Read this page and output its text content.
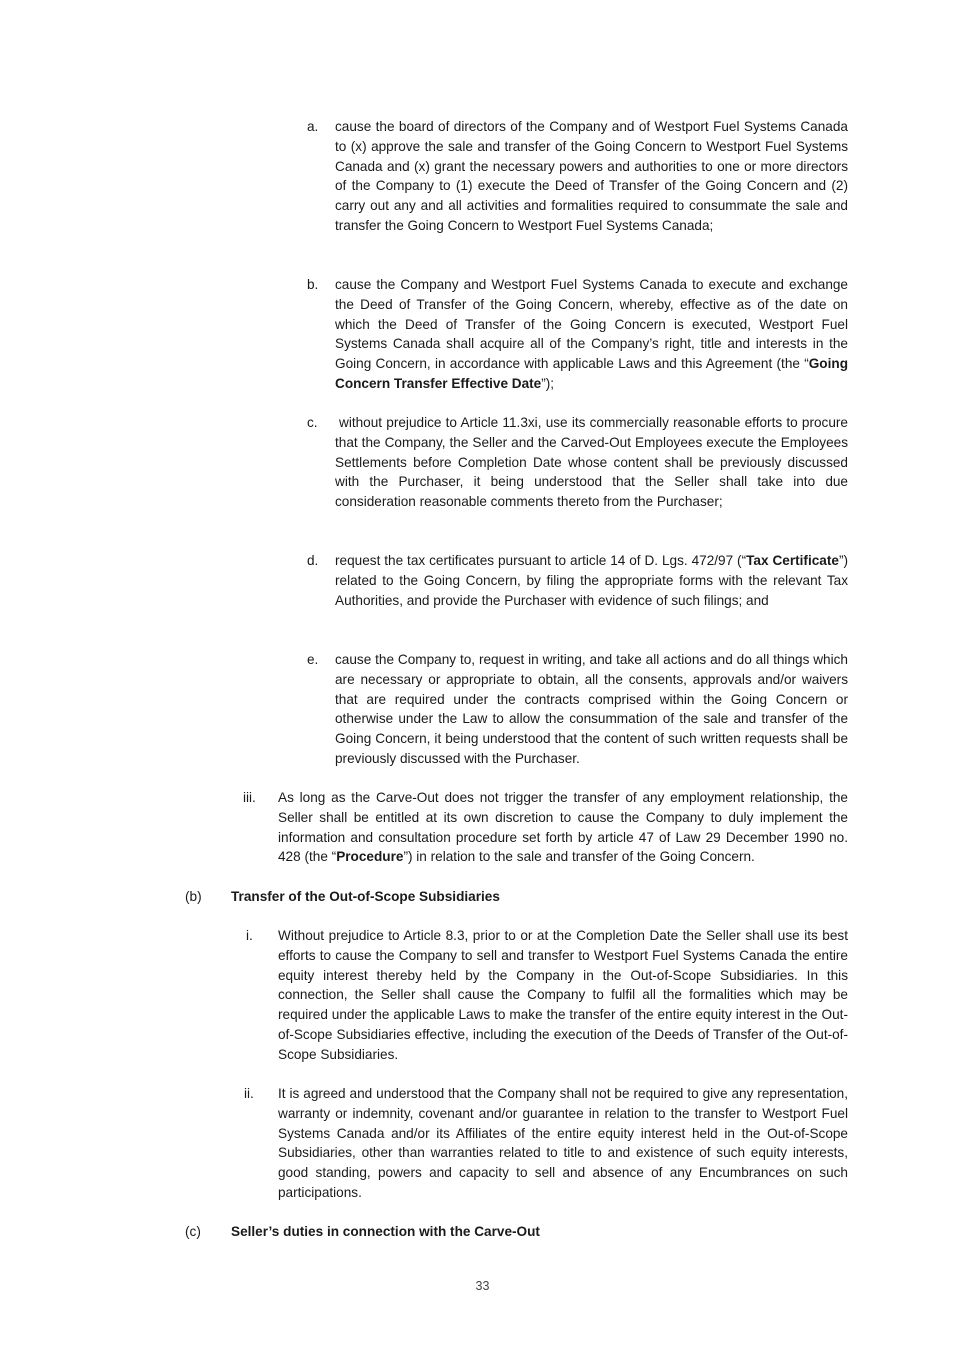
a. cause the board of directors of the Company and of Westport Fuel Systems Canada to (x) approve the sale and transfer of the Going Concern to Westport Fuel Systems Canada and (x) grant the necessary powers and authorities to one or more directors of the Company to (1) execute the Deed of Transfer of the Going Concern and (2) carry out any and all activities and formalities required to consummate the sale and transfer the Going Concern to Westport Fuel Systems Canada;
b. cause the Company and Westport Fuel Systems Canada to execute and exchange the Deed of Transfer of the Going Concern, whereby, effective as of the date on which the Deed of Transfer of the Going Concern is executed, Westport Fuel Systems Canada shall acquire all of the Company’s right, title and interests in the Going Concern, in accordance with applicable Laws and this Agreement (the “Going Concern Transfer Effective Date”);
c. without prejudice to Article 11.3xi, use its commercially reasonable efforts to procure that the Company, the Seller and the Carved-Out Employees execute the Employees Settlements before Completion Date whose content shall be previously discussed with the Purchaser, it being understood that the Seller shall take into due consideration reasonable comments thereto from the Purchaser;
d. request the tax certificates pursuant to article 14 of D. Lgs. 472/97 (“Tax Certificate”) related to the Going Concern, by filing the appropriate forms with the relevant Tax Authorities, and provide the Purchaser with evidence of such filings; and
e. cause the Company to, request in writing, and take all actions and do all things which are necessary or appropriate to obtain, all the consents, approvals and/or waivers that are required under the contracts comprised within the Going Concern or otherwise under the Law to allow the consummation of the sale and transfer of the Going Concern, it being understood that the content of such written requests shall be previously discussed with the Purchaser.
iii. As long as the Carve-Out does not trigger the transfer of any employment relationship, the Seller shall be entitled at its own discretion to cause the Company to duly implement the information and consultation procedure set forth by article 47 of Law 29 December 1990 no. 428 (the “Procedure”) in relation to the sale and transfer of the Going Concern.
(b) Transfer of the Out-of-Scope Subsidiaries
i. Without prejudice to Article 8.3, prior to or at the Completion Date the Seller shall use its best efforts to cause the Company to sell and transfer to Westport Fuel Systems Canada the entire equity interest thereby held by the Company in the Out-of-Scope Subsidiaries. In this connection, the Seller shall cause the Company to fulfil all the formalities which may be required under the applicable Laws to make the transfer of the entire equity interest in the Out-of-Scope Subsidiaries effective, including the execution of the Deeds of Transfer of the Out-of-Scope Subsidiaries.
ii. It is agreed and understood that the Company shall not be required to give any representation, warranty or indemnity, covenant and/or guarantee in relation to the transfer to Westport Fuel Systems Canada and/or its Affiliates of the entire equity interest held in the Out-of-Scope Subsidiaries, other than warranties related to title to and existence of such equity interests, good standing, powers and capacity to sell and absence of any Encumbrances on such participations.
(c) Seller’s duties in connection with the Carve-Out
33
